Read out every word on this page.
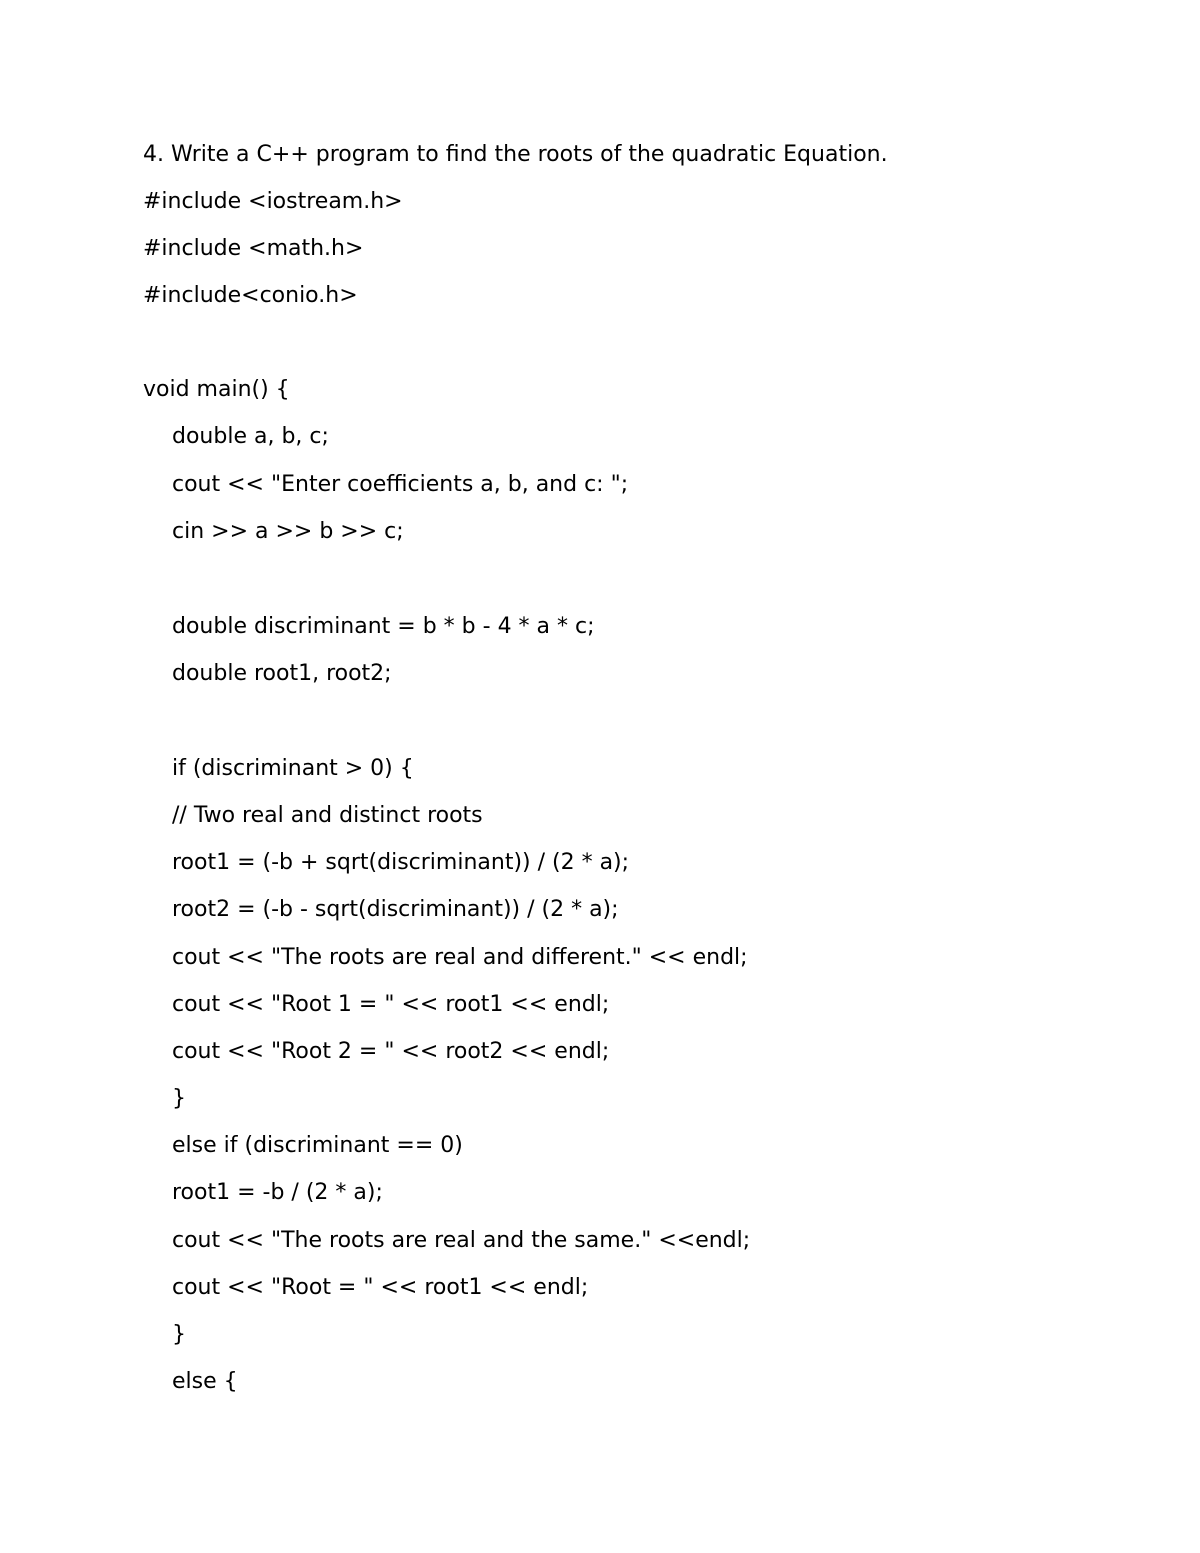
4. Write a C++ program to find the roots of the quadratic Equation.
#include <iostream.h>
#include <math.h>
#include<conio.h>
void main() {
double a, b, c;
cout << "Enter coefficients a, b, and c: ";
cin >> a >> b >> c;
double discriminant = b * b - 4 * a * c;
double root1, root2;
if (discriminant > 0) {
// Two real and distinct roots
root1 = (-b + sqrt(discriminant)) / (2 * a);
root2 = (-b - sqrt(discriminant)) / (2 * a);
cout << "The roots are real and different." << endl;
cout << "Root 1 = " << root1 << endl;
cout << "Root 2 = " << root2 << endl;
}
else if (discriminant == 0)
root1 = -b / (2 * a);
cout << "The roots are real and the same." <<endl;
cout << "Root = " << root1 << endl;
}
else {
